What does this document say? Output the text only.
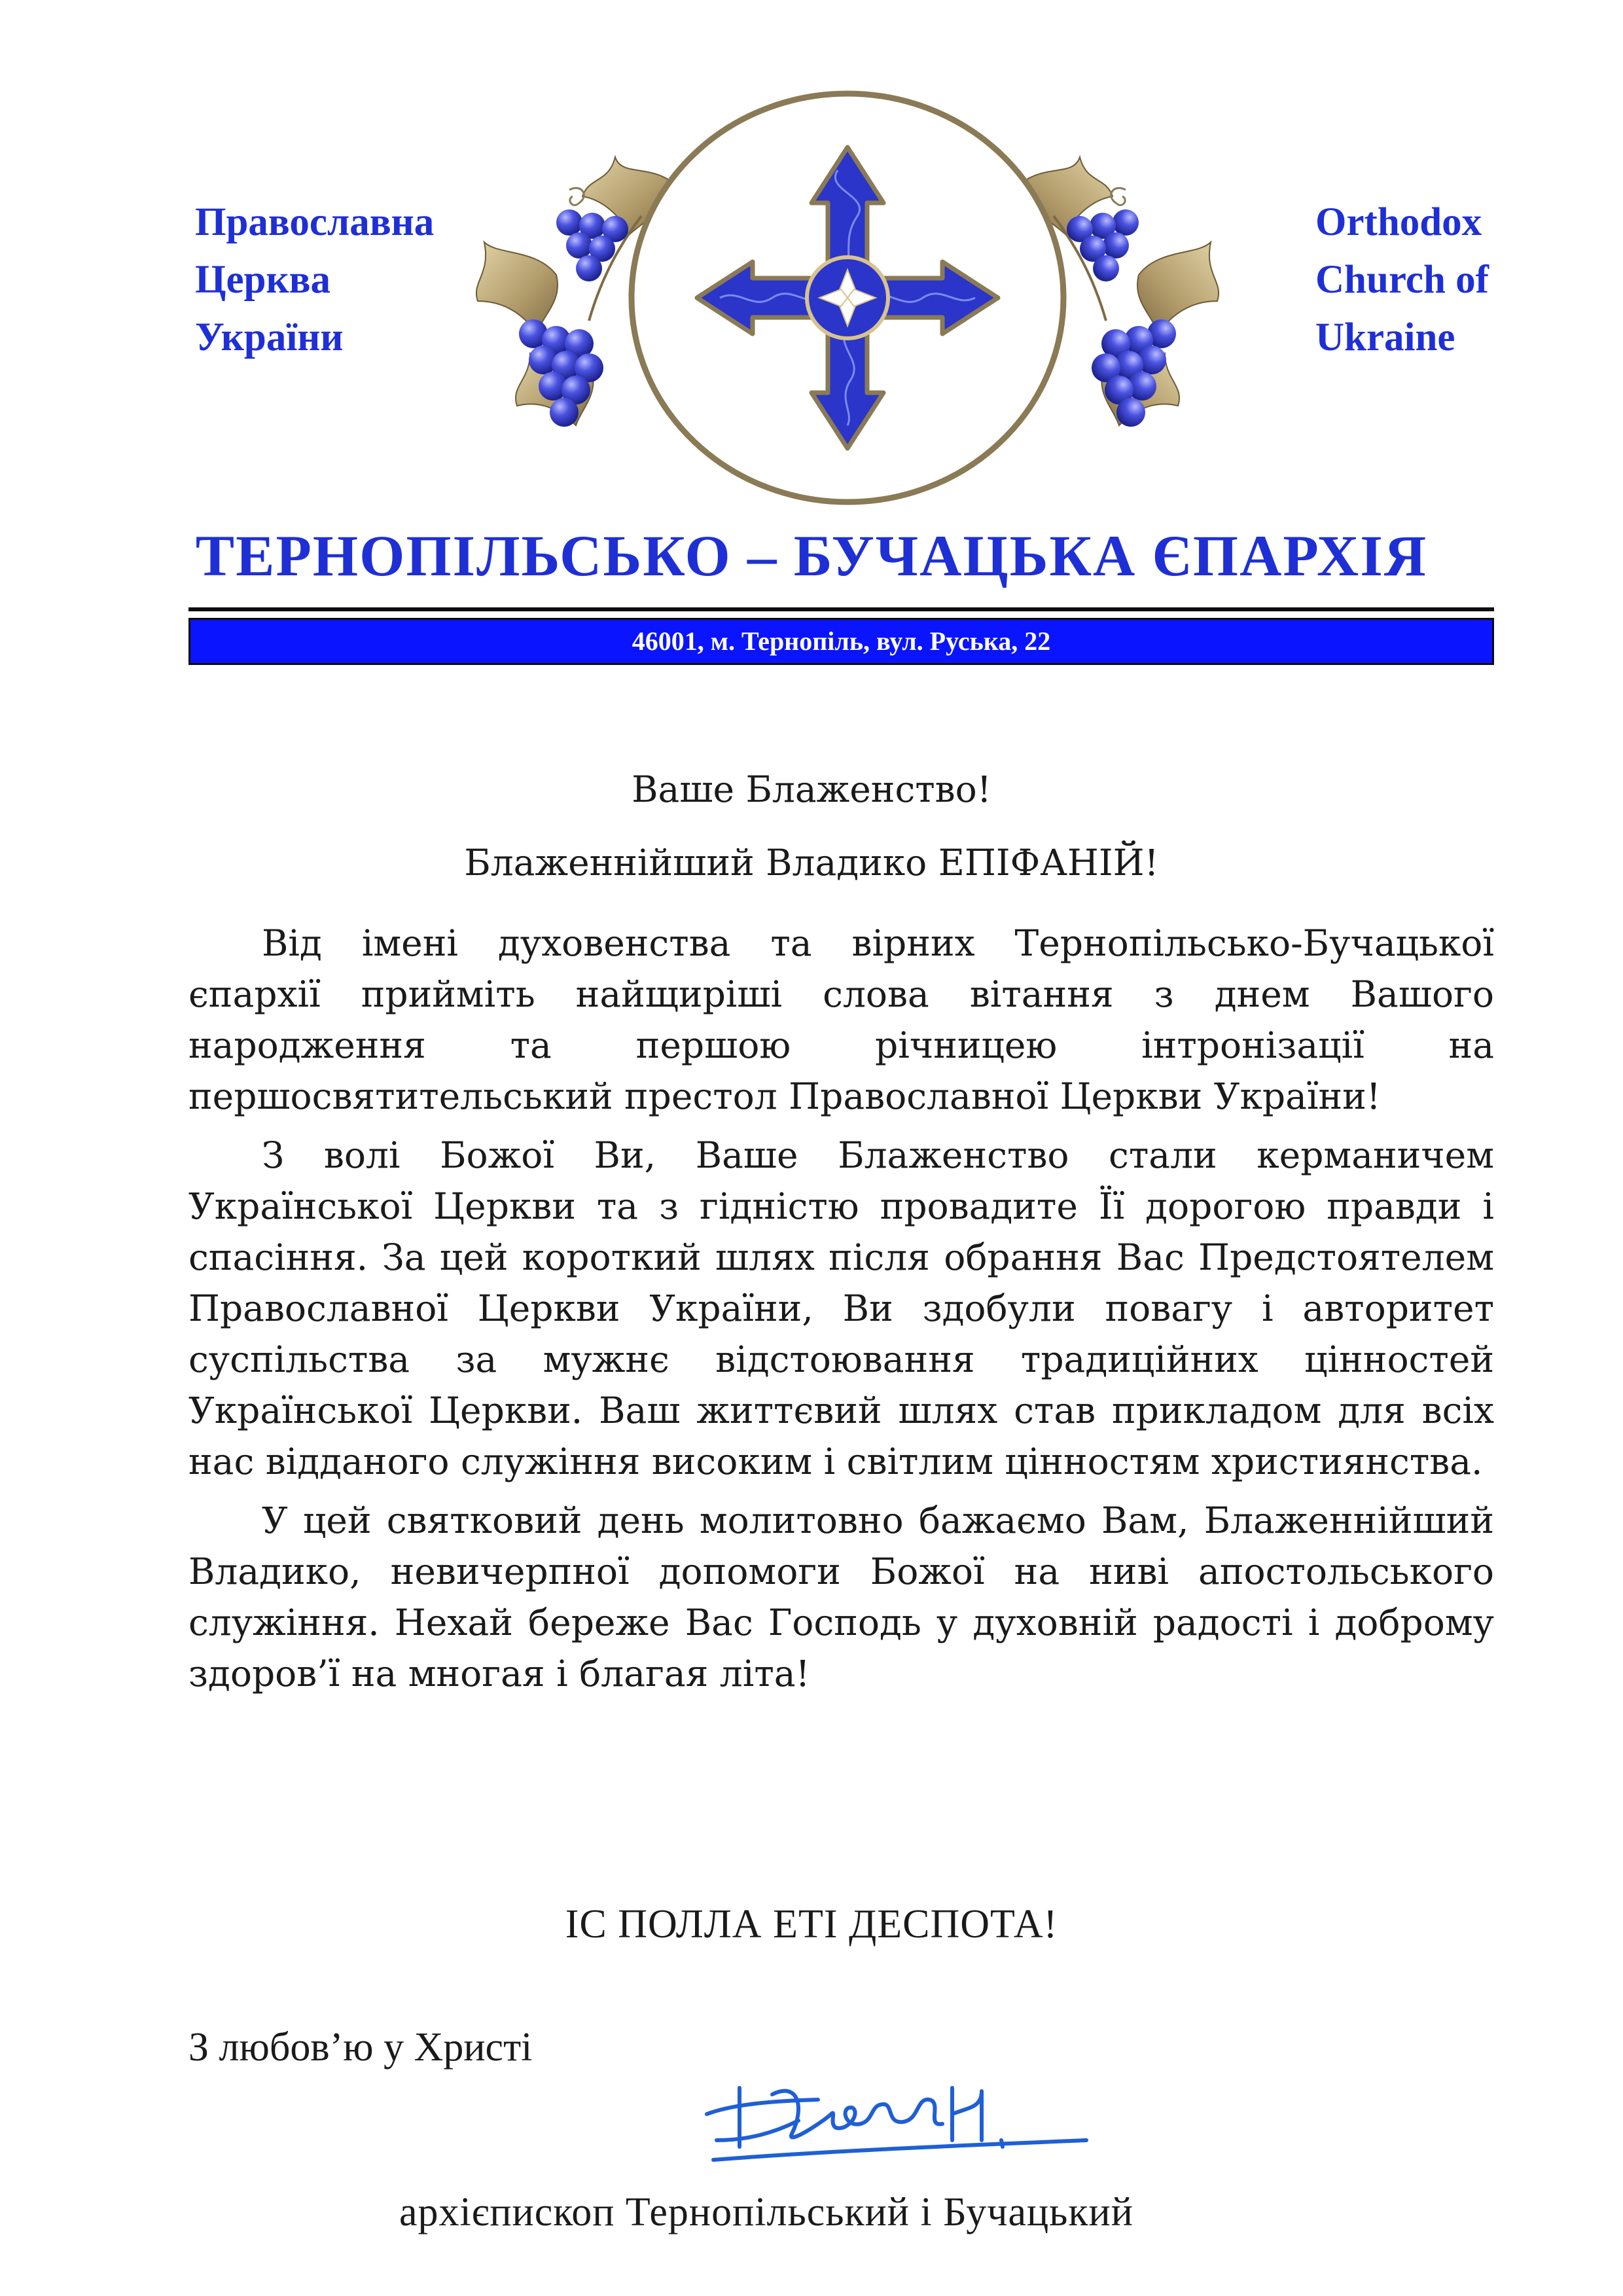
Православна
Церква
України
Orthodox
Church of
Ukraine
ТЕРНОПІЛЬСЬКО – БУЧАЦЬКА ЄПАРХІЯ
46001, м. Тернопіль, вул. Руська, 22
Ваше Блаженство!
Блаженнійший Владико ЕПІФАНІЙ!

Від імені духовенства та вірних Тернопільсько-Бучацької єпархії прийміть найщиріші слова вітання з днем Вашого народження та першою річницею інтронізації на першосвятительський престол Православної Церкви України!

З волі Божої Ви, Ваше Блаженство стали керманичем Української Церкви та з гідністю провадите Її дорогою правди і спасіння. За цей короткий шлях після обрання Вас Предстоятелем Православної Церкви України, Ви здобули повагу і авторитет суспільства за мужнє відстоювання традиційних цінностей Української Церкви. Ваш життєвий шлях став прикладом для всіх нас відданого служіння високим і світлим цінностям християнства.

У цей святковий день молитовно бажаємо Вам, Блаженнійший Владико, невичерпної допомоги Божої на ниві апостольського служіння. Нехай береже Вас Господь у духовній радості і доброму здоров’ї на многая і благая літа!

ІС ПОЛЛА ЕТІ ДЕСПОТА!
З любов’ю у Христі
архієпископ Тернопільський і Бучацький
